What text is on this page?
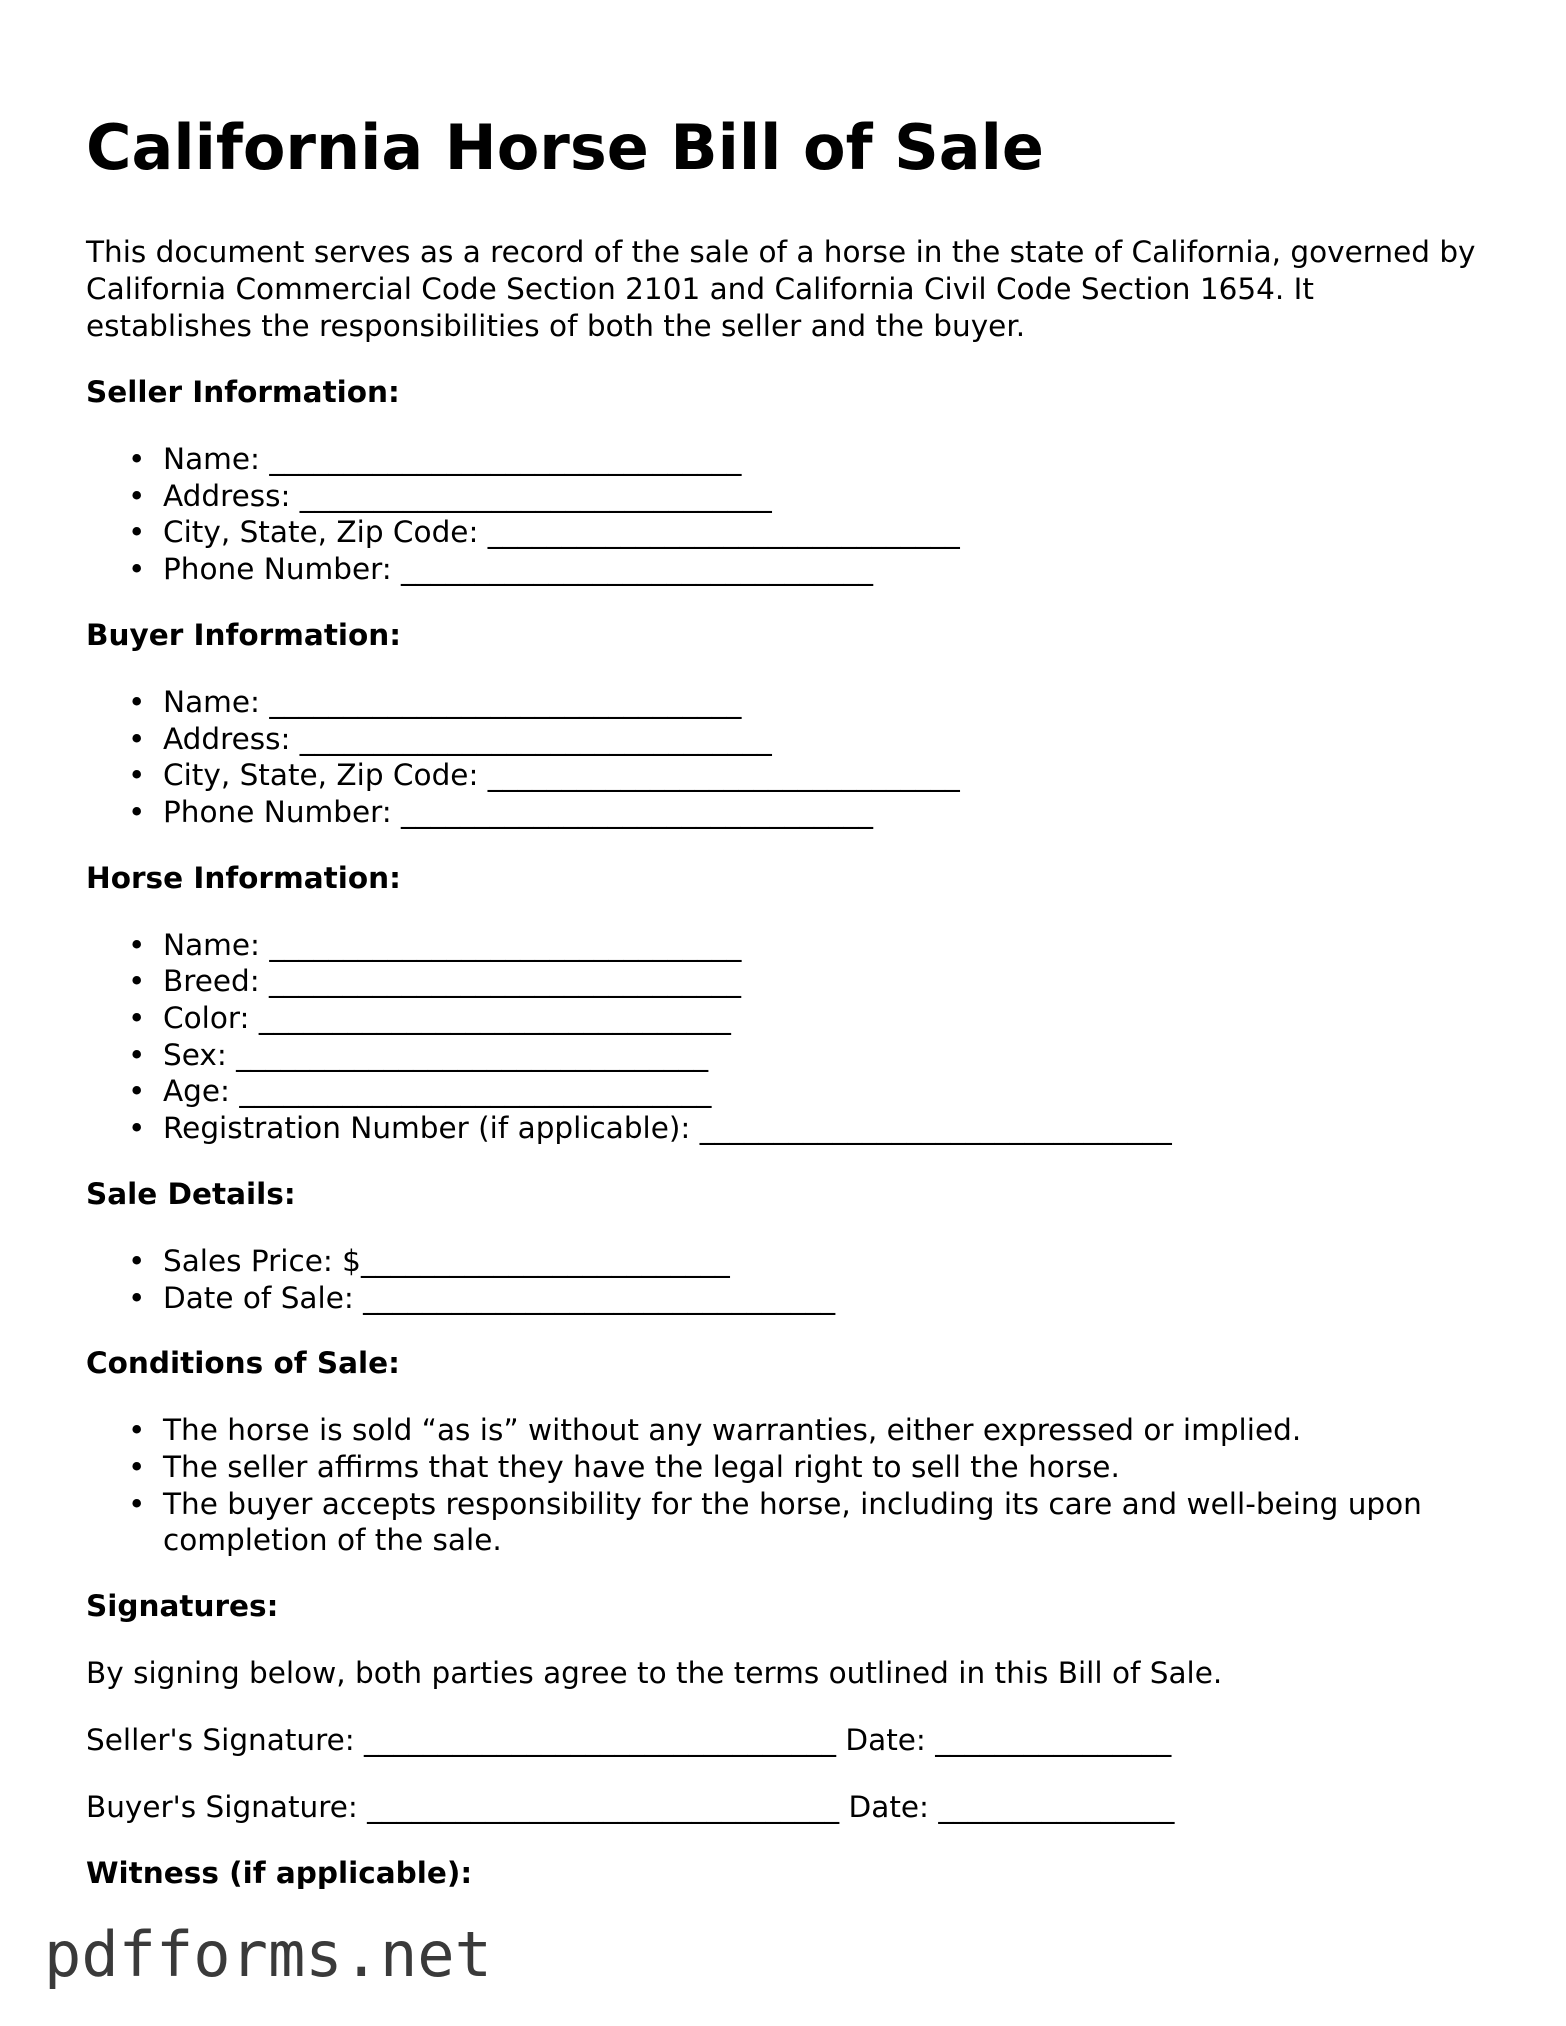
California Horse Bill of Sale

This document serves as a record of the sale of a horse in the state of California, governed by California Commercial Code Section 2101 and California Civil Code Section 1654. It establishes the responsibilities of both the seller and the buyer.

Seller Information:
• Name: ________________________________
• Address: ________________________________
• City, State, Zip Code: ________________________________
• Phone Number: ________________________________
Buyer Information:
• Name: ________________________________
• Address: ________________________________
• City, State, Zip Code: ________________________________
• Phone Number: ________________________________
Horse Information:
• Name: ________________________________
• Breed: ________________________________
• Color: ________________________________
• Sex: ________________________________
• Age: ________________________________
• Registration Number (if applicable): ________________________________
Sale Details:
• Sales Price: $_________________________
• Date of Sale: ________________________________
Conditions of Sale:
• The horse is sold “as is” without any warranties, either expressed or implied.
• The seller affirms that they have the legal right to sell the horse.
• The buyer accepts responsibility for the horse, including its care and well-being upon completion of the sale.
Signatures:

By signing below, both parties agree to the terms outlined in this Bill of Sale.

Seller's Signature: ________________________________ Date: ________________

Buyer's Signature: ________________________________ Date: ________________

Witness (if applicable):
pdfforms.net
